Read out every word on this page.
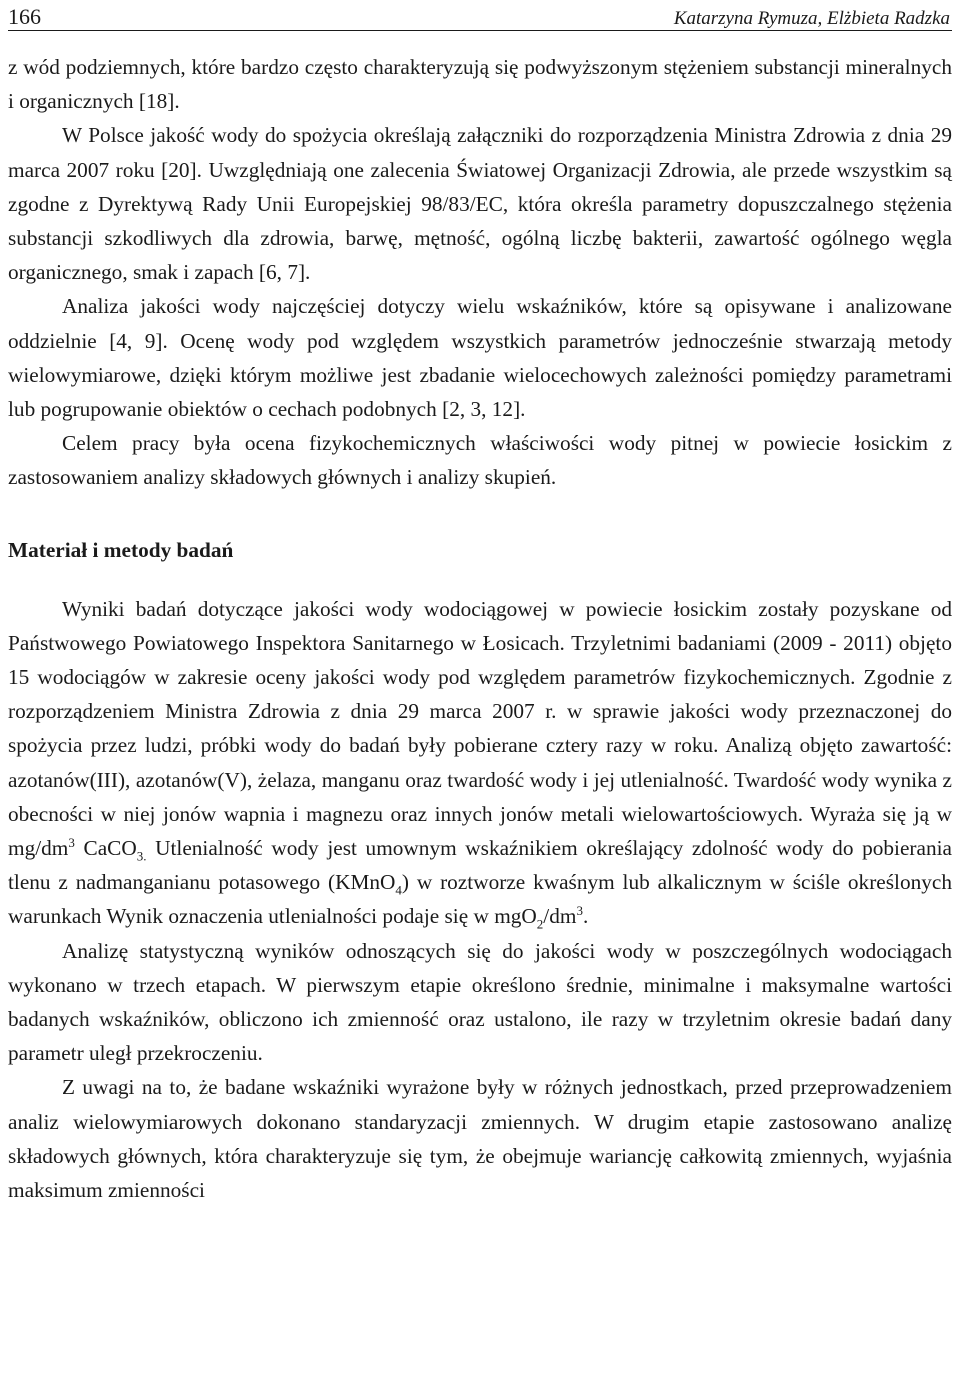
166	Katarzyna Rymuza, Elżbieta Radzka

z wód podziemnych, które bardzo często charakteryzują się podwyższonym stężeniem substancji mineralnych i organicznych [18].

W Polsce jakość wody do spożycia określają załączniki do rozporządzenia Ministra Zdrowia z dnia 29 marca 2007 roku [20]. Uwzględniają one zalecenia Światowej Organizacji Zdrowia, ale przede wszystkim są zgodne z Dyrektywą Rady Unii Europejskiej 98/83/EC, która określa parametry dopuszczalnego stężenia substancji szkodliwych dla zdrowia, barwę, mętność, ogólną liczbę bakterii, zawartość ogólnego węgla organicznego, smak i zapach [6, 7].

Analiza jakości wody najczęściej dotyczy wielu wskaźników, które są opisywane i analizowane oddzielnie [4, 9]. Ocenę wody pod względem wszystkich parametrów jednocześnie stwarzają metody wielowymiarowe, dzięki którym możliwe jest zbadanie wielocechowych zależności pomiędzy parametrami lub pogrupowanie obiektów o cechach podobnych [2, 3, 12].

Celem pracy była ocena fizykochemicznych właściwości wody pitnej w powiecie łosickim z zastosowaniem analizy składowych głównych i analizy skupień.

Materiał i metody badań

Wyniki badań dotyczące jakości wody wodociągowej w powiecie łosickim zostały pozyskane od Państwowego Powiatowego Inspektora Sanitarnego w Łosicach. Trzyletnimi badaniami (2009 - 2011) objęto 15 wodociągów w zakresie oceny jakości wody pod względem parametrów fizykochemicznych. Zgodnie z rozporządzeniem Ministra Zdrowia z dnia 29 marca 2007 r. w sprawie jakości wody przeznaczonej do spożycia przez ludzi, próbki wody do badań były pobierane cztery razy w roku. Analizą objęto zawartość: azotanów(III), azotanów(V), żelaza, manganu oraz twardość wody i jej utlenialność. Twardość wody wynika z obecności w niej jonów wapnia i magnezu oraz innych jonów metali wielowartościowych. Wyraża się ją w $mg/dm^3$ CaCO$_{3.}$ Utlenialność wody jest umownym wskaźnikiem określający zdolność wody do pobierania tlenu z nadmanganianu potasowego (KMnO$_4$) w roztworze kwaśnym lub alkalicznym w ściśle określonych warunkach Wynik oznaczenia utlenialności podaje się w $mgO_2/dm^3$.

Analizę statystyczną wyników odnoszących się do jakości wody w poszczególnych wodociągach wykonano w trzech etapach. W pierwszym etapie określono średnie, minimalne i maksymalne wartości badanych wskaźników, obliczono ich zmienność oraz ustalono, ile razy w trzyletnim okresie badań dany parametr uległ przekroczeniu.

Z uwagi na to, że badane wskaźniki wyrażone były w różnych jednostkach, przed przeprowadzeniem analiz wielowymiarowych dokonano standaryzacji zmiennych. W drugim etapie zastosowano analizę składowych głównych, która charakteryzuje się tym, że obejmuje wariancję całkowitą zmiennych, wyjaśnia maksimum zmienności
